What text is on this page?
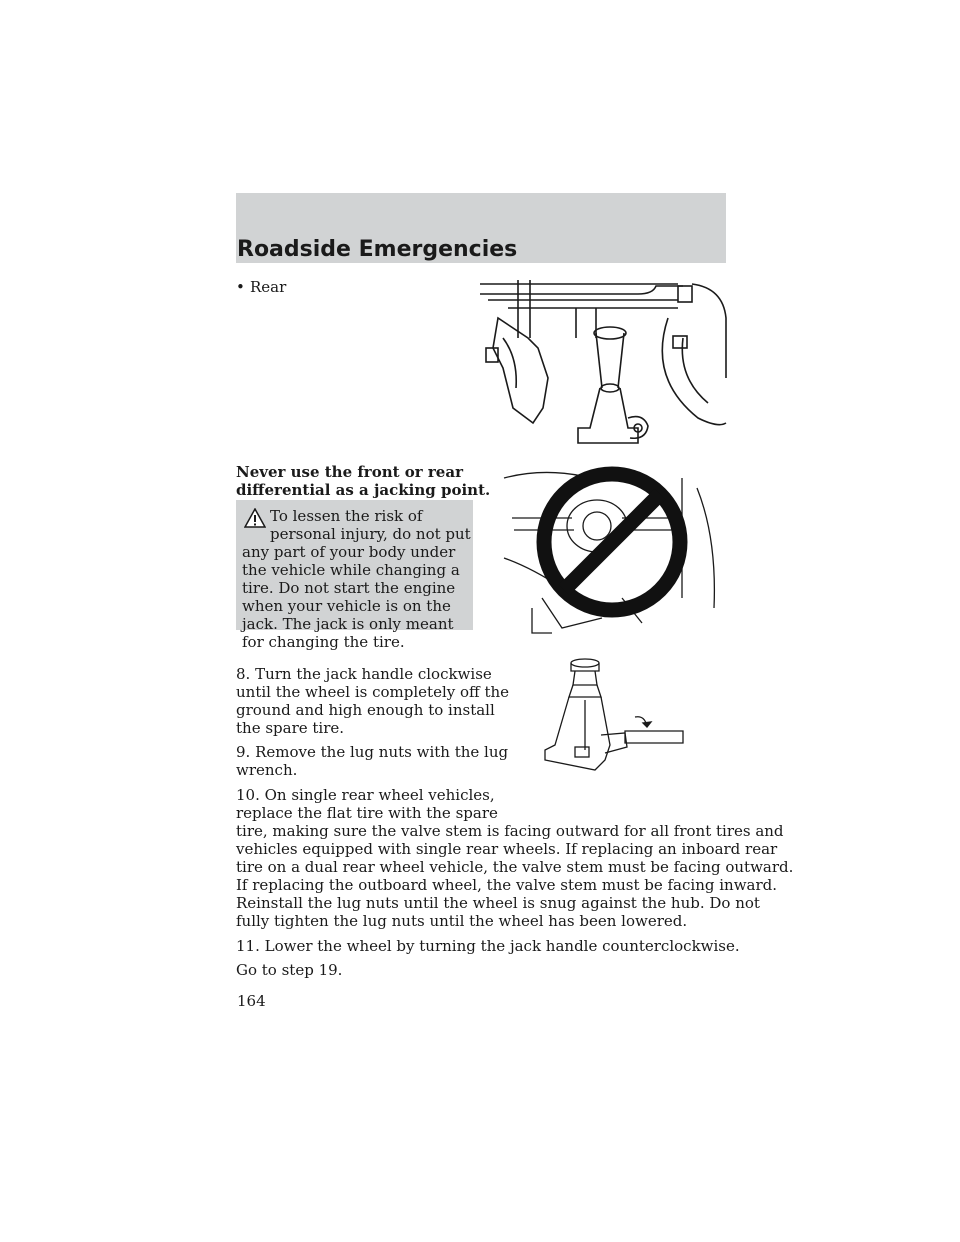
Roadside Emergencies
• Rear

Never use the front or rear

differential as a jacking point.

To lessen the risk of
personal injury, do not put
any part of your body under the vehicle while changing a tire. Do not start the engine when your vehicle is on the jack. The jack is only meant for changing the tire.

8. Turn the jack handle clockwise

until the wheel is completely off the

ground and high enough to install

the spare tire.

9. Remove the lug nuts with the lug

wrench.

10. On single rear wheel vehicles,

replace the flat tire with the spare

tire, making sure the valve stem is facing outward for all front tires and

vehicles equipped with single rear wheels. If replacing an inboard rear

tire on a dual rear wheel vehicle, the valve stem must be facing outward.

If replacing the outboard wheel, the valve stem must be facing inward.

Reinstall the lug nuts until the wheel is snug against the hub. Do not

fully tighten the lug nuts until the wheel has been lowered.

11. Lower the wheel by turning the jack handle counterclockwise.

Go to step 19.

164
